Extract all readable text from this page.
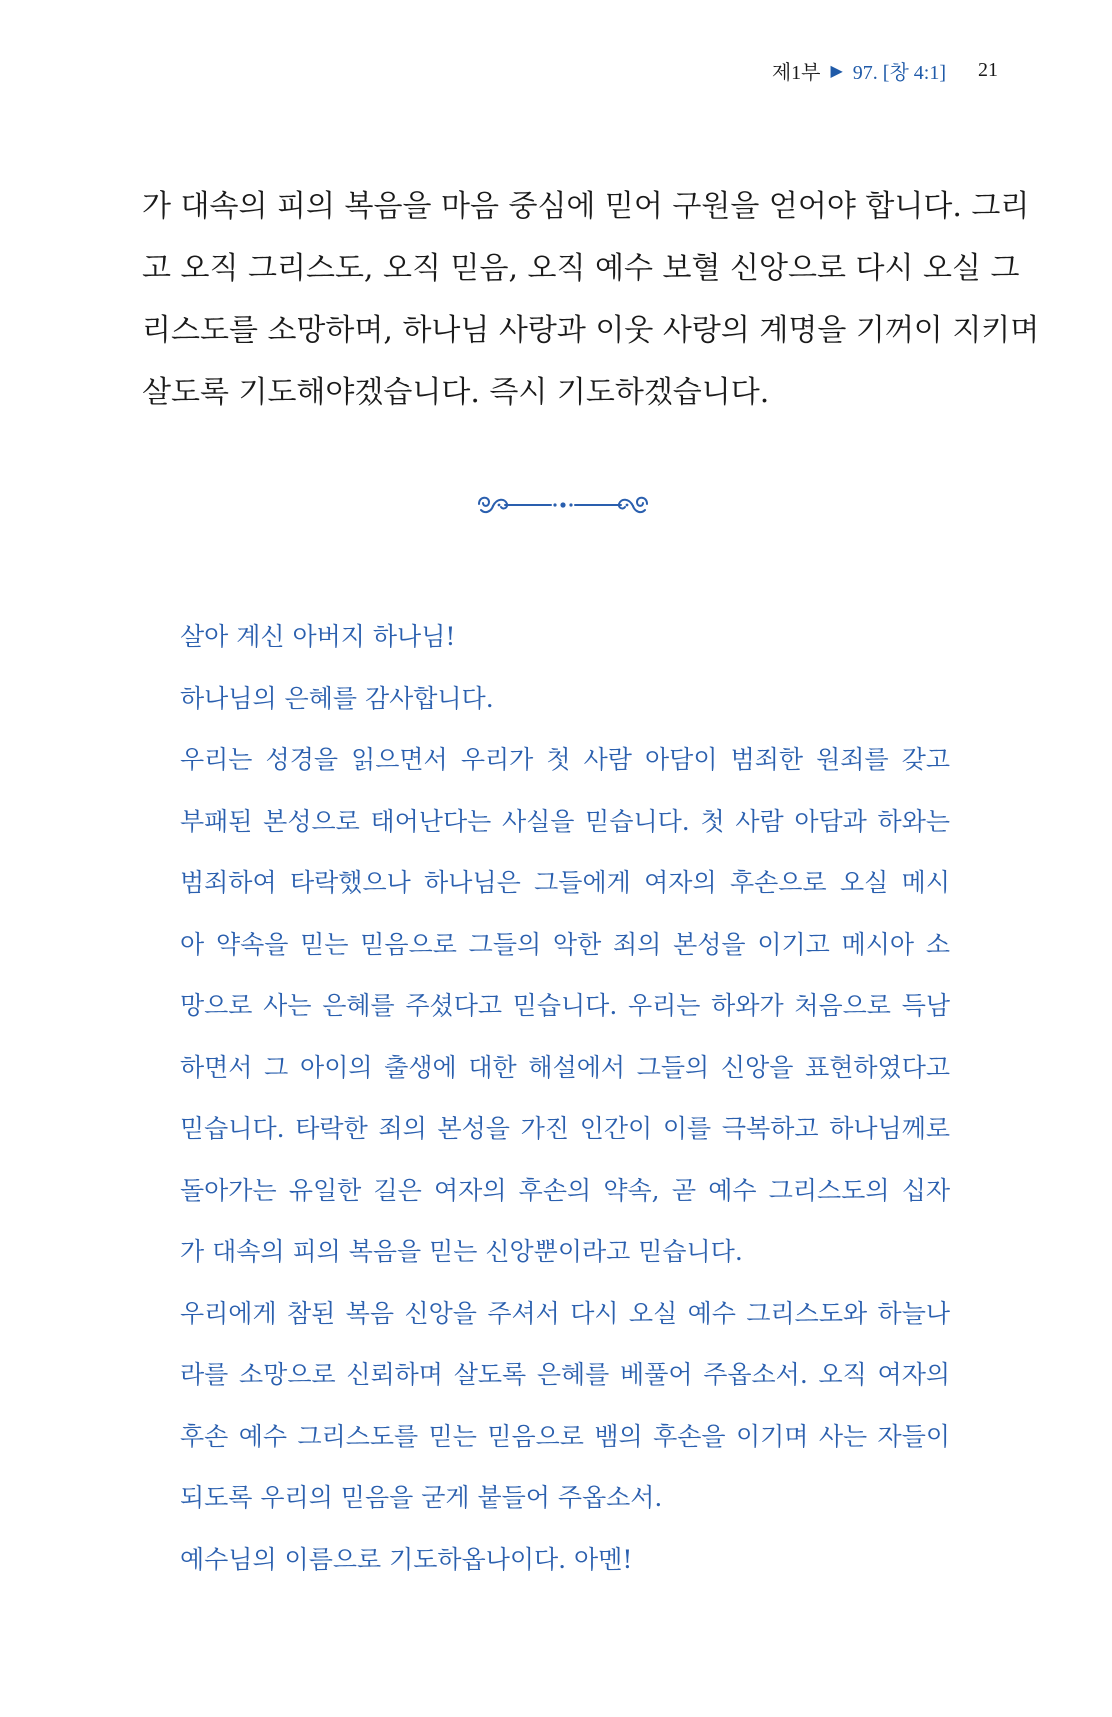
제1부 ▶ 97. [창 4:1] 21
가 대속의 피의 복음을 마음 중심에 믿어 구원을 얻어야 합니다. 그리
고 오직 그리스도, 오직 믿음, 오직 예수 보혈 신앙으로 다시 오실 그
리스도를 소망하며, 하나님 사랑과 이웃 사랑의 계명을 기꺼이 지키며
살도록 기도해야겠습니다. 즉시 기도하겠습니다.
살아 계신 아버지 하나님!
하나님의 은혜를 감사합니다.
우리는 성경을 읽으면서 우리가 첫 사람 아담이 범죄한 원죄를 갖고
부패된 본성으로 태어난다는 사실을 믿습니다. 첫 사람 아담과 하와는
범죄하여 타락했으나 하나님은 그들에게 여자의 후손으로 오실 메시
아 약속을 믿는 믿음으로 그들의 악한 죄의 본성을 이기고 메시아 소
망으로 사는 은혜를 주셨다고 믿습니다. 우리는 하와가 처음으로 득남
하면서 그 아이의 출생에 대한 해설에서 그들의 신앙을 표현하였다고
믿습니다. 타락한 죄의 본성을 가진 인간이 이를 극복하고 하나님께로
돌아가는 유일한 길은 여자의 후손의 약속, 곧 예수 그리스도의 십자
가 대속의 피의 복음을 믿는 신앙뿐이라고 믿습니다.
우리에게 참된 복음 신앙을 주셔서 다시 오실 예수 그리스도와 하늘나
라를 소망으로 신뢰하며 살도록 은혜를 베풀어 주옵소서. 오직 여자의
후손 예수 그리스도를 믿는 믿음으로 뱀의 후손을 이기며 사는 자들이
되도록 우리의 믿음을 굳게 붙들어 주옵소서.
예수님의 이름으로 기도하옵나이다. 아멘!
